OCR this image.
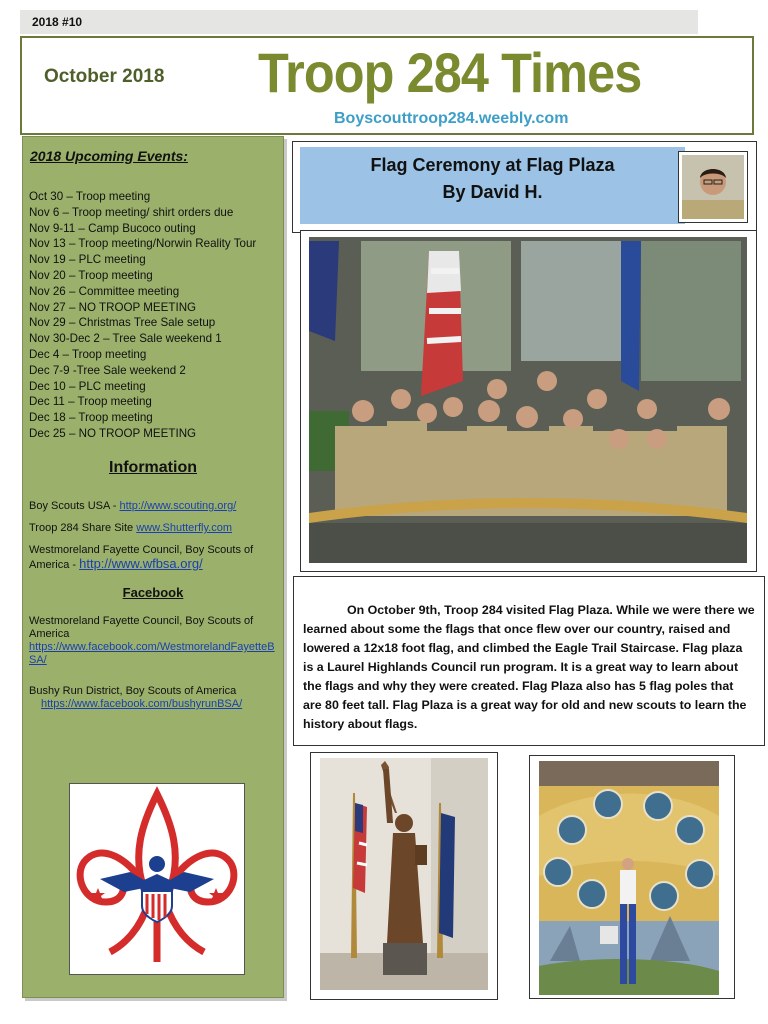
2018 #10
October 2018 Troop 284 Times
Boyscouttroop284.weebly.com
2018 Upcoming Events:
Oct 30 – Troop meeting
Nov 6 – Troop meeting/ shirt orders due
Nov 9-11 – Camp Bucoco outing
Nov 13 – Troop meeting/Norwin Reality Tour
Nov 19 – PLC meeting
Nov 20 – Troop meeting
Nov 26 – Committee meeting
Nov 27 – NO TROOP MEETING
Nov 29 – Christmas Tree Sale setup
Nov 30-Dec 2 – Tree Sale weekend 1
Dec 4 – Troop meeting
Dec 7-9 -Tree Sale weekend 2
Dec 10 – PLC meeting
Dec 11 – Troop meeting
Dec 18 – Troop meeting
Dec 25 – NO TROOP MEETING
Information
Boy Scouts USA - http://www.scouting.org/
Troop 284 Share Site www.Shutterfly.com
Westmoreland Fayette Council, Boy Scouts of America - http://www.wfbsa.org/
Facebook
Westmoreland Fayette Council, Boy Scouts of America
https://www.facebook.com/WestmorelandFayetteBSA/
Bushy Run District, Boy Scouts of America
https://www.facebook.com/bushyrunBSA/
Flag Ceremony at Flag Plaza
By David H.

On October 9th, Troop 284 visited Flag Plaza. While we were there we learned about some the flags that once flew over our country, raised and lowered a 12x18 foot flag, and climbed the Eagle Trail Staircase. Flag plaza is a Laurel Highlands Council run program. It is a great way to learn about the flags and why they were created. Flag Plaza also has 5 flag poles that are 80 feet tall. Flag Plaza is a great way for old and new scouts to learn the history about flags.
